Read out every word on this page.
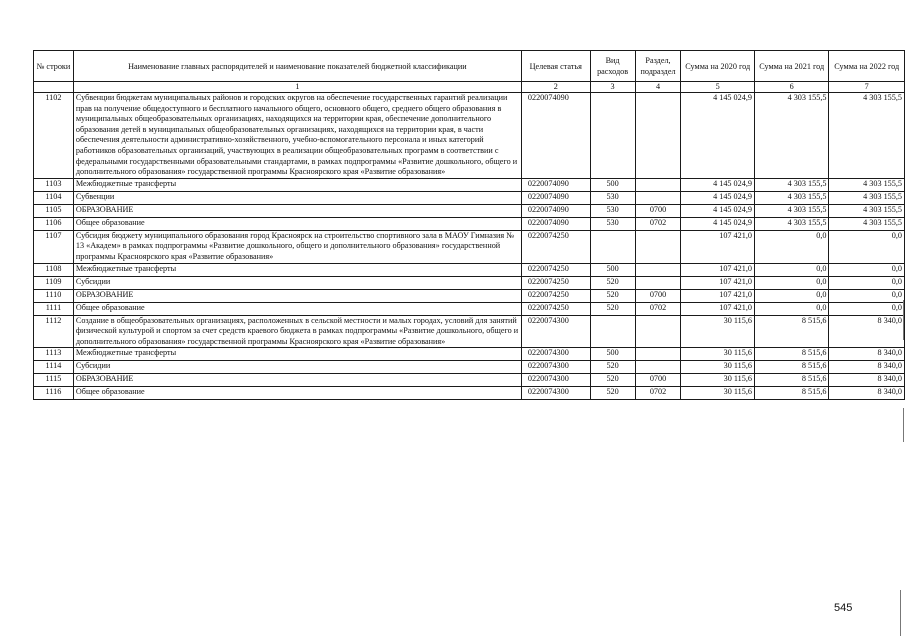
№ строки	Наименование главных распорядителей и наименование показателей бюджетной классификации	Целевая статья	Вид расходов	Раздел, подраздел	Сумма на 2020 год	Сумма на 2021 год	Сумма на 2022 год
	1	2	3	4	5	6	7
1102	Субвенции бюджетам муниципальных районов и городских округов на обеспечение государственных гарантий реализации прав на получение общедоступного и бесплатного начального общего, основного общего, среднего общего образования в муниципальных общеобразовательных организациях, находящихся на территории края, обеспечение дополнительного образования детей в муниципальных общеобразовательных организациях, находящихся на территории края, в части обеспечения деятельности административно-хозяйственного, учебно-вспомогательного персонала и иных категорий работников образовательных организаций, участвующих в реализации общеобразовательных программ в соответствии с федеральными государственными образовательными стандартами, в рамках подпрограммы «Развитие дошкольного, общего и дополнительного образования» государственной программы Красноярского края «Развитие образования»	0220074090			4 145 024,9	4 303 155,5	4 303 155,5
1103	Межбюджетные трансферты	0220074090	500		4 145 024,9	4 303 155,5	4 303 155,5
1104	Субвенции	0220074090	530		4 145 024,9	4 303 155,5	4 303 155,5
1105	ОБРАЗОВАНИЕ	0220074090	530	0700	4 145 024,9	4 303 155,5	4 303 155,5
1106	Общее образование	0220074090	530	0702	4 145 024,9	4 303 155,5	4 303 155,5
1107	Субсидия бюджету муниципального образования город Красноярск на строительство спортивного зала в МАОУ Гимназия № 13 «Академ» в рамках подпрограммы «Развитие дошкольного, общего и дополнительного образования» государственной программы Красноярского края «Развитие образования»	0220074250			107 421,0	0,0	0,0
1108	Межбюджетные трансферты	0220074250	500		107 421,0	0,0	0,0
1109	Субсидии	0220074250	520		107 421,0	0,0	0,0
1110	ОБРАЗОВАНИЕ	0220074250	520	0700	107 421,0	0,0	0,0
1111	Общее образование	0220074250	520	0702	107 421,0	0,0	0,0
1112	Создание в общеобразовательных организациях, расположенных в сельской местности и малых городах, условий для занятий физической культурой и спортом за счет средств краевого бюджета в рамках подпрограммы «Развитие дошкольного, общего и дополнительного образования» государственной программы Красноярского края «Развитие образования»	0220074300			30 115,6	8 515,6	8 340,0
1113	Межбюджетные трансферты	0220074300	500		30 115,6	8 515,6	8 340,0
1114	Субсидии	0220074300	520		30 115,6	8 515,6	8 340,0
1115	ОБРАЗОВАНИЕ	0220074300	520	0700	30 115,6	8 515,6	8 340,0
1116	Общее образование	0220074300	520	0702	30 115,6	8 515,6	8 340,0
545
